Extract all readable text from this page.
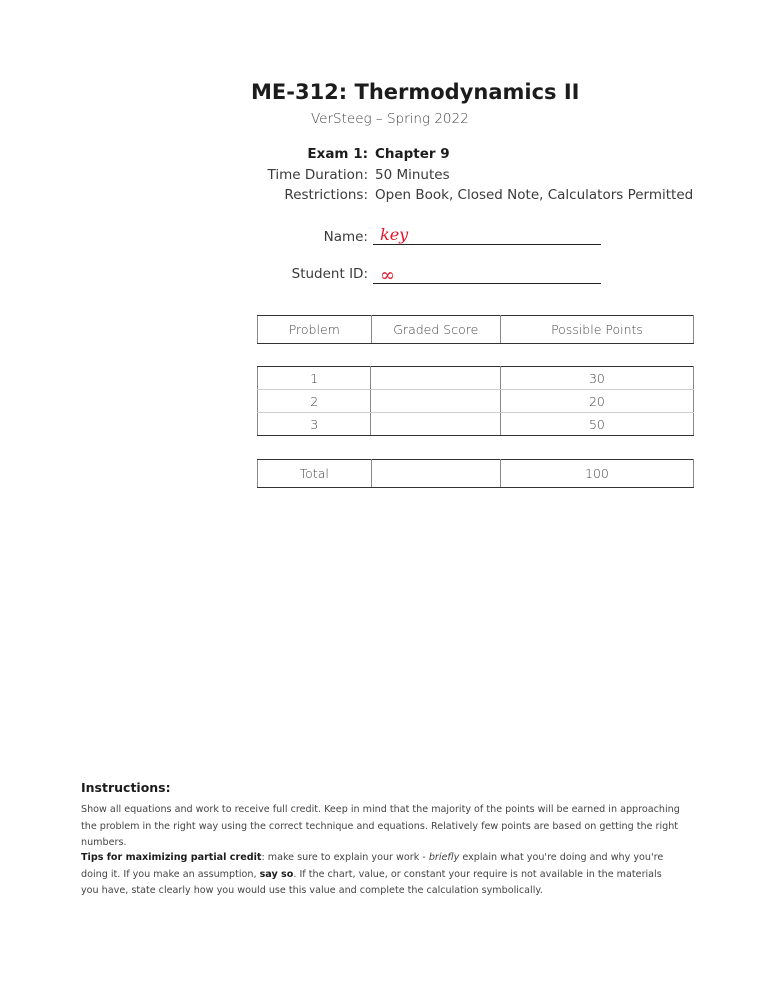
ME-312: Thermodynamics II
VerSteeg – Spring 2022
Exam 1: Chapter 9
Time Duration: 50 Minutes
Restrictions: Open Book, Closed Note, Calculators Permitted
Name: key
Student ID: ∞
Problem	Graded Score	Possible Points
1		30
2		20
3		50
Total		100
Instructions:
Show all equations and work to receive full credit. Keep in mind that the majority of the points will be earned in approaching the problem in the right way using the correct technique and equations. Relatively few points are based on getting the right numbers.
Tips for maximizing partial credit: make sure to explain your work - briefly explain what you're doing and why you're doing it. If you make an assumption, say so. If the chart, value, or constant your require is not available in the materials you have, state clearly how you would use this value and complete the calculation symbolically.
